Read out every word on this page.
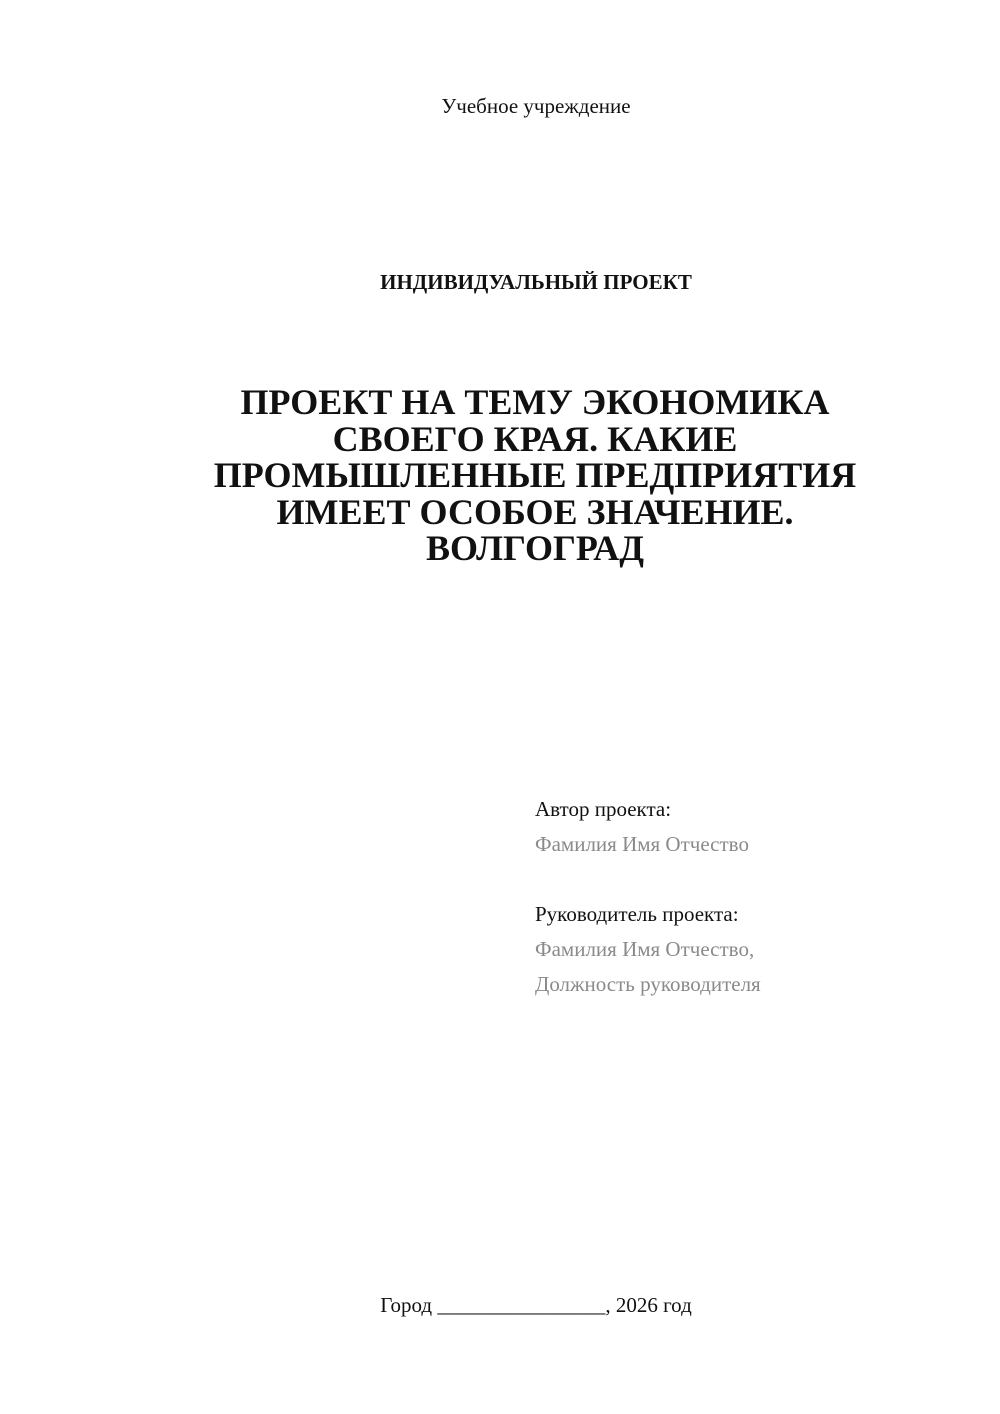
Учебное учреждение
ИНДИВИДУАЛЬНЫЙ ПРОЕКТ
ПРОЕКТ НА ТЕМУ ЭКОНОМИКА
СВОЕГО КРАЯ. КАКИЕ
ПРОМЫШЛЕННЫЕ ПРЕДПРИЯТИЯ
ИМЕЕТ ОСОБОЕ ЗНАЧЕНИЕ.
ВОЛГОГРАД
Автор проекта:
Фамилия Имя Отчество
Руководитель проекта:
Фамилия Имя Отчество,
Должность руководителя
Город ________________, 2026 год
